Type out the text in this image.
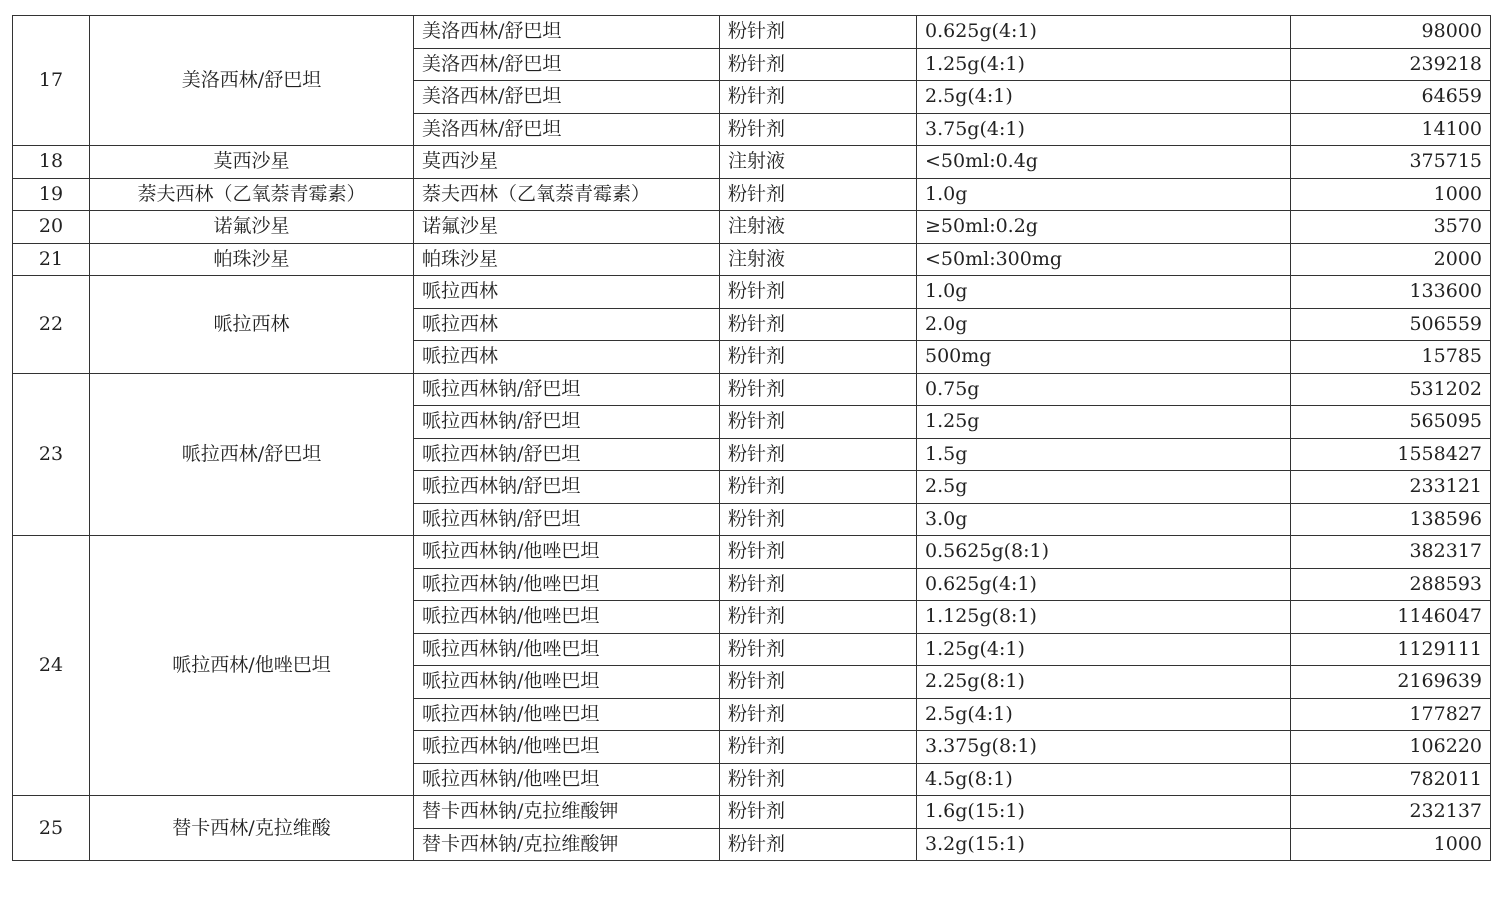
17	美洛西林/舒巴坦	美洛西林/舒巴坦	粉针剂	0.625g(4:1)	98000
		美洛西林/舒巴坦	粉针剂	1.25g(4:1)	239218
		美洛西林/舒巴坦	粉针剂	2.5g(4:1)	64659
		美洛西林/舒巴坦	粉针剂	3.75g(4:1)	14100
18	莫西沙星	莫西沙星	注射液	<50ml:0.4g	375715
19	萘夫西林（乙氧萘青霉素）	萘夫西林（乙氧萘青霉素）	粉针剂	1.0g	1000
20	诺氟沙星	诺氟沙星	注射液	≥50ml:0.2g	3570
21	帕珠沙星	帕珠沙星	注射液	<50ml:300mg	2000
22	哌拉西林	哌拉西林	粉针剂	1.0g	133600
		哌拉西林	粉针剂	2.0g	506559
		哌拉西林	粉针剂	500mg	15785
23	哌拉西林/舒巴坦	哌拉西林钠/舒巴坦	粉针剂	0.75g	531202
		哌拉西林钠/舒巴坦	粉针剂	1.25g	565095
		哌拉西林钠/舒巴坦	粉针剂	1.5g	1558427
		哌拉西林钠/舒巴坦	粉针剂	2.5g	233121
		哌拉西林钠/舒巴坦	粉针剂	3.0g	138596
24	哌拉西林/他唑巴坦	哌拉西林钠/他唑巴坦	粉针剂	0.5625g(8:1)	382317
		哌拉西林钠/他唑巴坦	粉针剂	0.625g(4:1)	288593
		哌拉西林钠/他唑巴坦	粉针剂	1.125g(8:1)	1146047
		哌拉西林钠/他唑巴坦	粉针剂	1.25g(4:1)	1129111
		哌拉西林钠/他唑巴坦	粉针剂	2.25g(8:1)	2169639
		哌拉西林钠/他唑巴坦	粉针剂	2.5g(4:1)	177827
		哌拉西林钠/他唑巴坦	粉针剂	3.375g(8:1)	106220
		哌拉西林钠/他唑巴坦	粉针剂	4.5g(8:1)	782011
25	替卡西林/克拉维酸	替卡西林钠/克拉维酸钾	粉针剂	1.6g(15:1)	232137
		替卡西林钠/克拉维酸钾	粉针剂	3.2g(15:1)	1000
